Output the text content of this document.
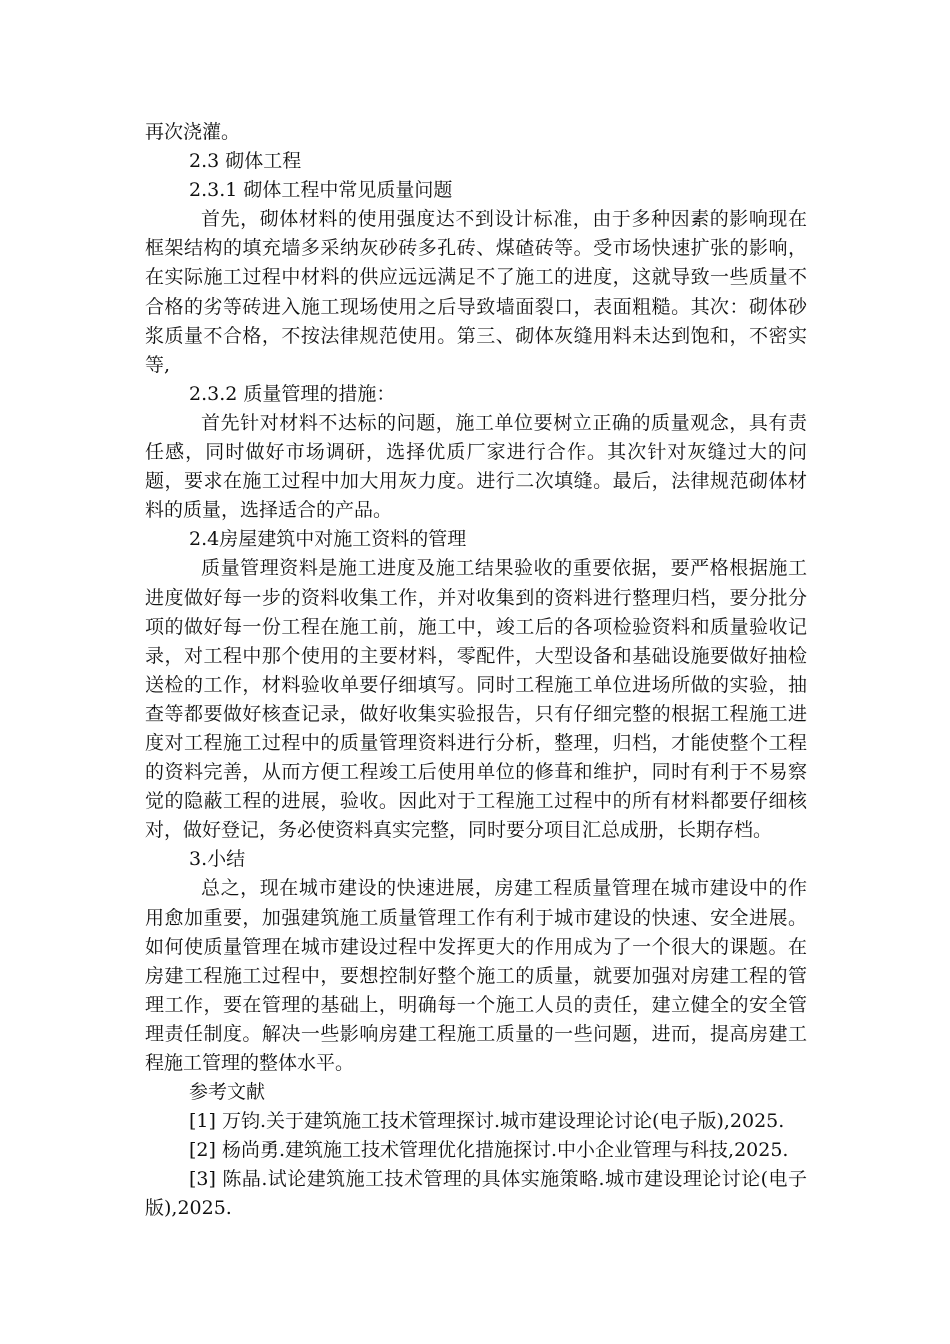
再次浇灌。

2.3 砌体工程

2.3.1 砌体工程中常见质量问题

首先，砌体材料的使用强度达不到设计标准，由于多种因素的影响现在框架结构的填充墙多采纳灰砂砖多孔砖、煤碴砖等。受市场快速扩张的影响，在实际施工过程中材料的供应远远满足不了施工的进度，这就导致一些质量不合格的劣等砖进入施工现场使用之后导致墙面裂口，表面粗糙。其次：砌体砂浆质量不合格，不按法律规范使用。第三、砌体灰缝用料未达到饱和，不密实等,

2.3.2 质量管理的措施：

首先针对材料不达标的问题，施工单位要树立正确的质量观念，具有责任感，同时做好市场调研，选择优质厂家进行合作。其次针对灰缝过大的问题，要求在施工过程中加大用灰力度。进行二次填缝。最后，法律规范砌体材料的质量，选择适合的产品。

2.4房屋建筑中对施工资料的管理

质量管理资料是施工进度及施工结果验收的重要依据，要严格根据施工进度做好每一步的资料收集工作，并对收集到的资料进行整理归档，要分批分项的做好每一份工程在施工前，施工中，竣工后的各项检验资料和质量验收记录，对工程中那个使用的主要材料，零配件，大型设备和基础设施要做好抽检送检的工作，材料验收单要仔细填写。同时工程施工单位进场所做的实验，抽查等都要做好核查记录，做好收集实验报告，只有仔细完整的根据工程施工进度对工程施工过程中的质量管理资料进行分析，整理，归档，才能使整个工程的资料完善，从而方便工程竣工后使用单位的修葺和维护，同时有利于不易察觉的隐蔽工程的进展，验收。因此对于工程施工过程中的所有材料都要仔细核对，做好登记，务必使资料真实完整，同时要分项目汇总成册，长期存档。

3.小结

总之，现在城市建设的快速进展，房建工程质量管理在城市建设中的作用愈加重要，加强建筑施工质量管理工作有利于城市建设的快速、安全进展。如何使质量管理在城市建设过程中发挥更大的作用成为了一个很大的课题。在房建工程施工过程中，要想控制好整个施工的质量，就要加强对房建工程的管理工作，要在管理的基础上，明确每一个施工人员的责任，建立健全的安全管理责任制度。解决一些影响房建工程施工质量的一些问题，进而，提高房建工程施工管理的整体水平。

参考文献

[1] 万钧.关于建筑施工技术管理探讨.城市建设理论讨论(电子版),2025.

[2] 杨尚勇.建筑施工技术管理优化措施探讨.中小企业管理与科技,2025.

[3] 陈晶.试论建筑施工技术管理的具体实施策略.城市建设理论讨论(电子版),2025.
